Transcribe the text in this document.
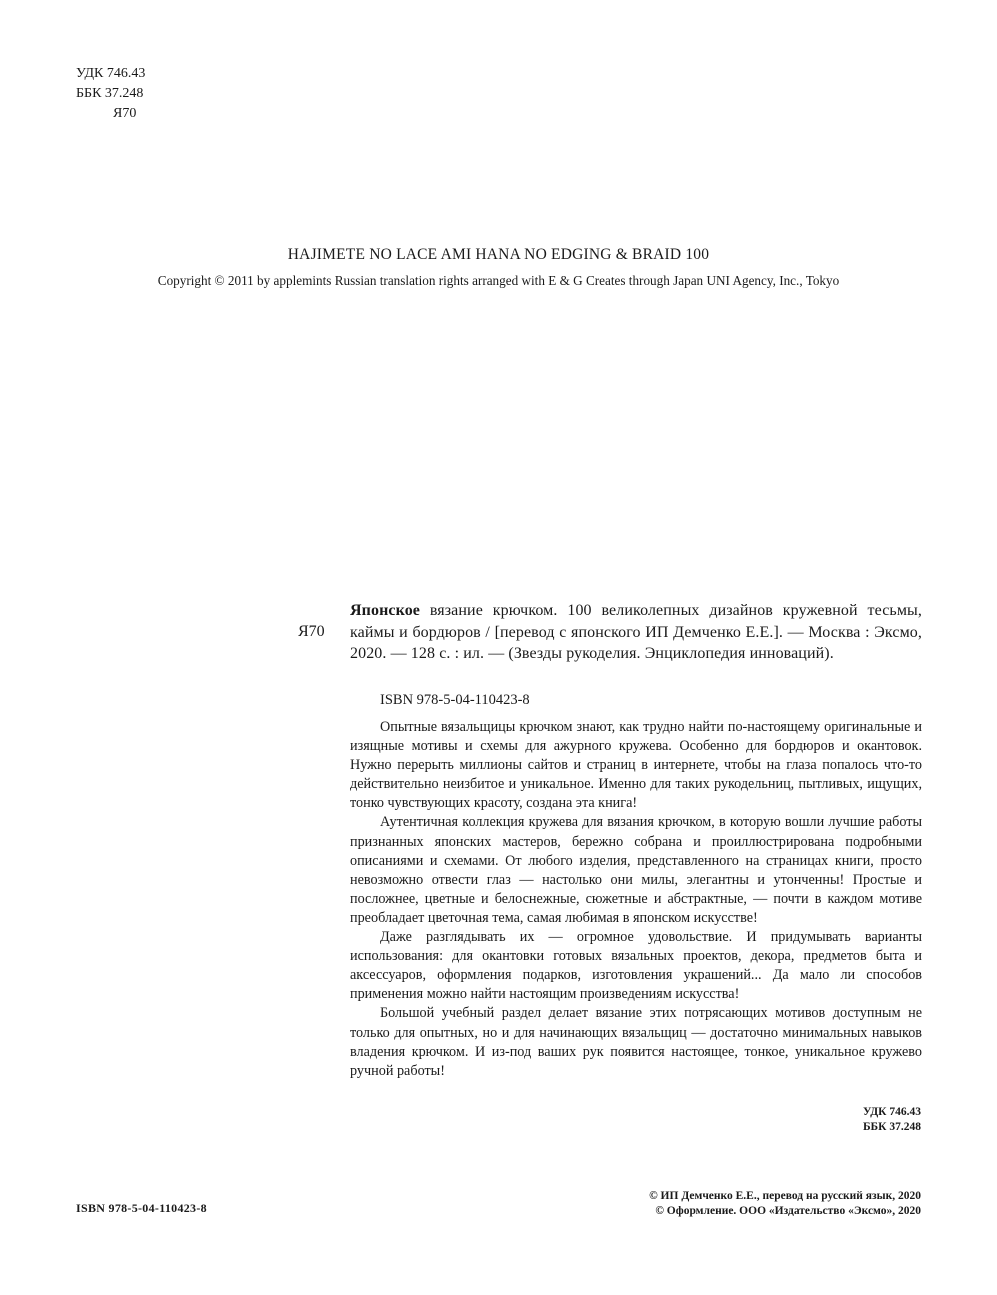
УДК 746.43
ББК 37.248
Я70
HAJIMETE NO LACE AMI HANA NO EDGING & BRAID 100
Copyright © 2011 by applemints Russian translation rights arranged with E & G Creates through Japan UNI Agency, Inc., Tokyo
Я70
Японское вязание крючком. 100 великолепных дизайнов кружевной тесьмы, каймы и бордюров / [перевод с японского ИП Демченко Е.Е.]. — Москва : Эксмо, 2020. — 128 с. : ил. — (Звезды рукоделия. Энциклопедия инноваций).
ISBN 978-5-04-110423-8

Опытные вязальщицы крючком знают, как трудно найти по-настоящему оригинальные и изящные мотивы и схемы для ажурного кружева. Особенно для бордюров и окантовок. Нужно перерыть миллионы сайтов и страниц в интернете, чтобы на глаза попалось что-то действительно неизбитое и уникальное. Именно для таких рукодельниц, пытливых, ищущих, тонко чувствующих красоту, создана эта книга!

Аутентичная коллекция кружева для вязания крючком, в которую вошли лучшие работы признанных японских мастеров, бережно собрана и проиллюстрирована подробными описаниями и схемами. От любого изделия, представленного на страницах книги, просто невозможно отвести глаз — настолько они милы, элегантны и утонченны! Простые и посложнее, цветные и белоснежные, сюжетные и абстрактные, — почти в каждом мотиве преобладает цветочная тема, самая любимая в японском искусстве!

Даже разглядывать их — огромное удовольствие. И придумывать варианты использования: для окантовки готовых вязальных проектов, декора, предметов быта и аксессуаров, оформления подарков, изготовления украшений... Да мало ли способов применения можно найти настоящим произведениям искусства!

Большой учебный раздел делает вязание этих потрясающих мотивов доступным не только для опытных, но и для начинающих вязальщиц — достаточно минимальных навыков владения крючком. И из-под ваших рук появится настоящее, тонкое, уникальное кружево ручной работы!

УДК 746.43
ББК 37.248
ISBN 978-5-04-110423-8
© ИП Демченко Е.Е., перевод на русский язык, 2020
© Оформление. ООО «Издательство «Эксмо», 2020
